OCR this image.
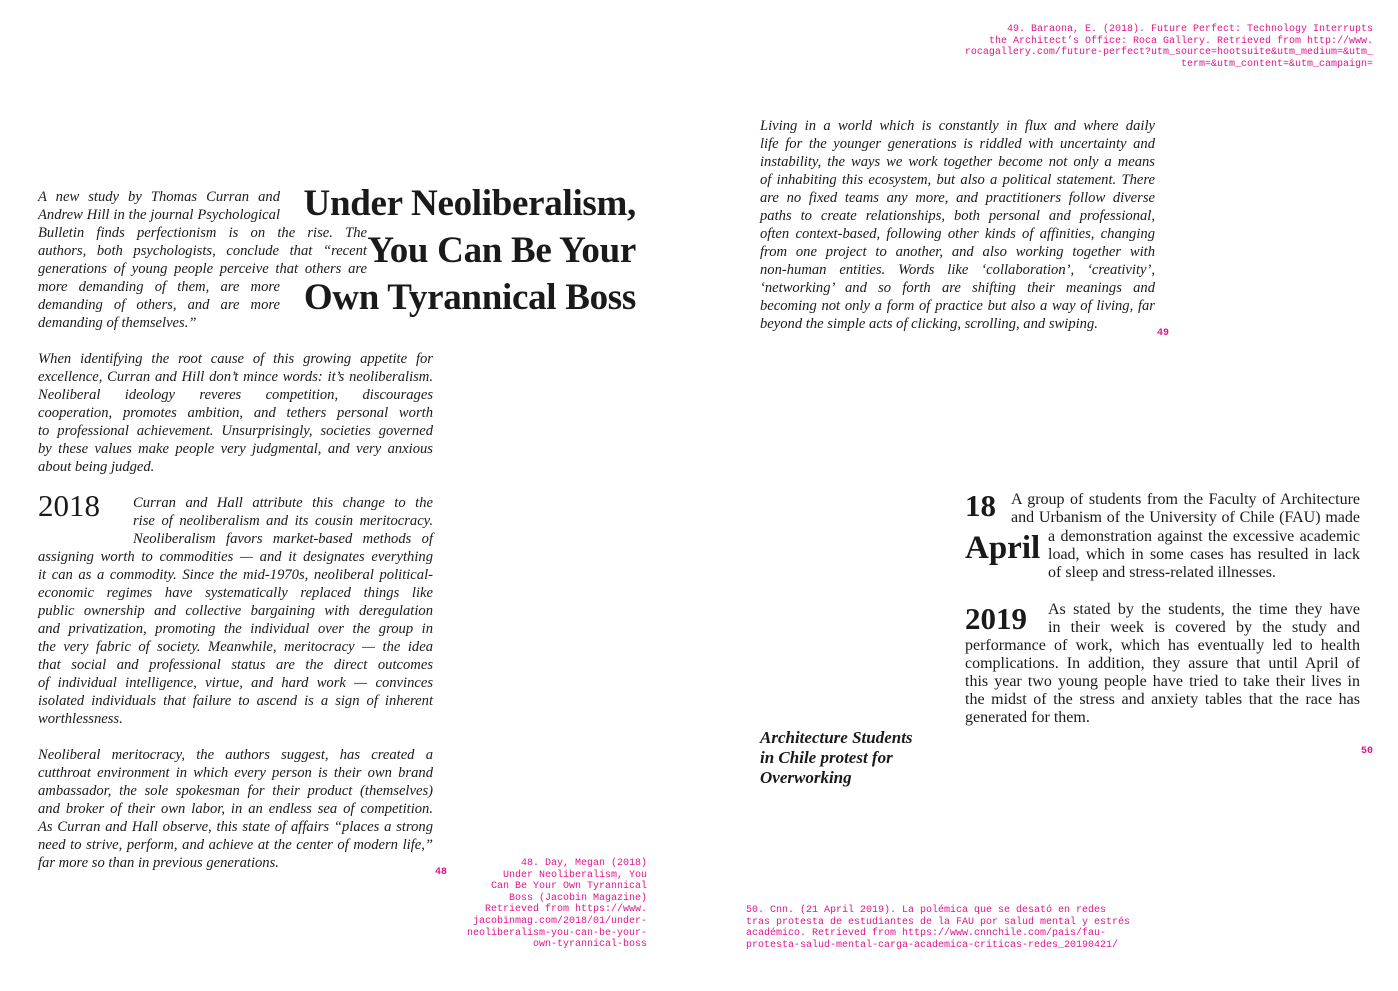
Under Neoliberalism,
You Can Be Your
Own Tyrannical Boss
A new study by Thomas Curran and
Andrew Hill in the journal Psychological
Bulletin finds perfectionism is on the rise. The
authors, both psychologists, conclude that “recent
generations of young people perceive that others are
more demanding of them, are more
demanding of others, and are more
demanding of themselves.”
When identifying the root cause of this growing appetite for
excellence, Curran and Hill don’t mince words: it’s neoliberalism.
Neoliberal ideology reveres competition, discourages
cooperation, promotes ambition, and tethers personal worth
to professional achievement. Unsurprisingly, societies governed
by these values make people very judgmental, and very anxious
about being judged.
2018 Curran and Hall attribute this change to the
rise of neoliberalism and its cousin meritocracy.
Neoliberalism favors market-based methods of
assigning worth to commodities — and it designates everything
it can as a commodity. Since the mid-1970s, neoliberal political-
economic regimes have systematically replaced things like
public ownership and collective bargaining with deregulation
and privatization, promoting the individual over the group in
the very fabric of society. Meanwhile, meritocracy — the idea
that social and professional status are the direct outcomes
of individual intelligence, virtue, and hard work — convinces
isolated individuals that failure to ascend is a sign of inherent
worthlessness.
Neoliberal meritocracy, the authors suggest, has created a
cutthroat environment in which every person is their own brand
ambassador, the sole spokesman for their product (themselves)
and broker of their own labor, in an endless sea of competition.
As Curran and Hall observe, this state of affairs “places a strong
need to strive, perform, and achieve at the center of modern life,”
far more so than in previous generations.
48
48. Day, Megan (2018)
Under Neoliberalism, You
Can Be Your Own Tyrannical
Boss (Jacobin Magazine)
Retrieved from https://www.
jacobinmag.com/2018/01/under-
neoliberalism-you-can-be-your-
own-tyrannical-boss
49. Baraona, E. (2018). Future Perfect: Technology Interrupts
the Architect’s Office: Roca Gallery. Retrieved from http://www.
rocagallery.com/future-perfect?utm_source=hootsuite&utm_medium=&utm_
term=&utm_content=&utm_campaign=
Living in a world which is constantly in flux and where daily
life for the younger generations is riddled with uncertainty and
instability, the ways we work together become not only a means
of inhabiting this ecosystem, but also a political statement. There
are no fixed teams any more, and practitioners follow diverse
paths to create relationships, both personal and professional,
often context-based, following other kinds of affinities, changing
from one project to another, and also working together with
non-human entities. Words like ‘collaboration’, ‘creativity’,
‘networking’ and so forth are shifting their meanings and
becoming not only a form of practice but also a way of living, far
beyond the simple acts of clicking, scrolling, and swiping.
49
18 A group of students from the Faculty of Architecture
and Urbanism of the University of Chile (FAU) made
April a demonstration against the excessive academic
load, which in some cases has resulted in lack
of sleep and stress-related illnesses.
2019 As stated by the students, the time they have
in their week is covered by the study and
performance of work, which has eventually led to health
complications. In addition, they assure that until April of
this year two young people have tried to take their lives in
the midst of the stress and anxiety tables that the race has
generated for them.
Architecture Students
in Chile protest for
Overworking
50
50. Cnn. (21 April 2019). La polémica que se desató en redes
tras protesta de estudiantes de la FAU por salud mental y estrés
académico. Retrieved from https://www.cnnchile.com/pais/fau-
protesta-salud-mental-carga-academica-criticas-redes_20190421/
